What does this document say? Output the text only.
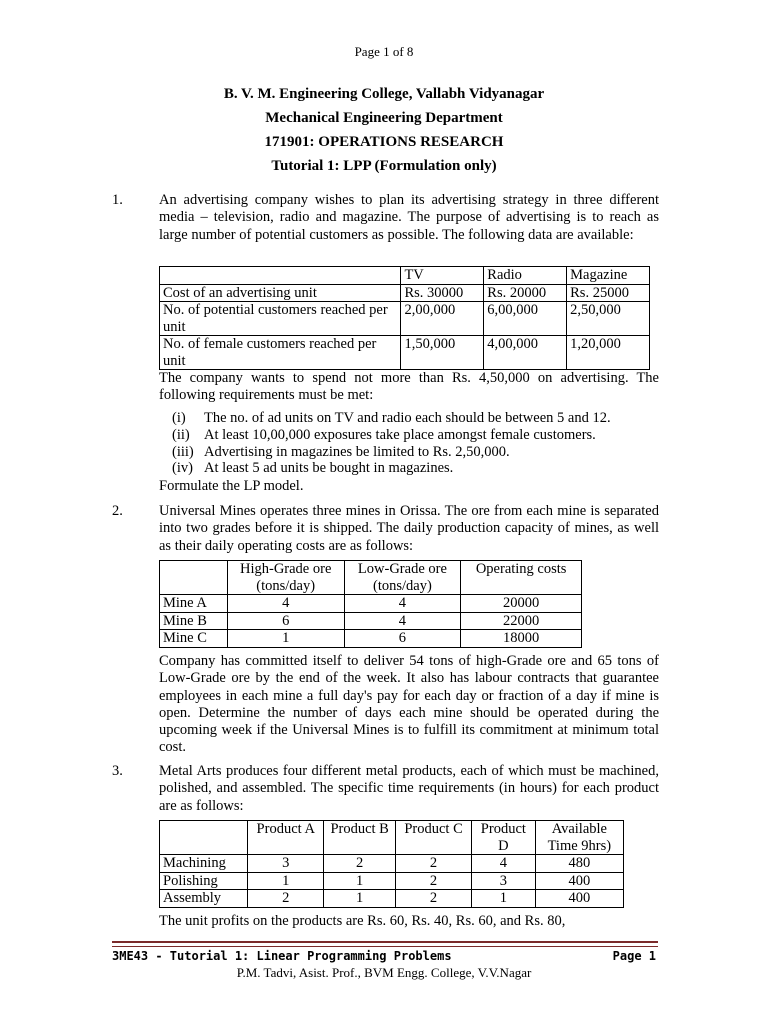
Page 1 of 8
B. V. M. Engineering College, Vallabh Vidyanagar
Mechanical Engineering Department
171901: OPERATIONS RESEARCH
Tutorial 1: LPP (Formulation only)
1. An advertising company wishes to plan its advertising strategy in three different media – television, radio and magazine. The purpose of advertising is to reach as large number of potential customers as possible. The following data are available:
	TV	Radio	Magazine
Cost of an advertising unit	Rs. 30000	Rs. 20000	Rs. 25000
No. of potential customers reached per unit	2,00,000	6,00,000	2,50,000
No. of female customers reached per unit	1,50,000	4,00,000	1,20,000
The company wants to spend not more than Rs. 4,50,000 on advertising. The following requirements must be met:
(i)	The no. of ad units on TV and radio each should be between 5 and 12.
(ii) At least 10,00,000 exposures take place amongst female customers.
(iii) Advertising in magazines be limited to Rs. 2,50,000.
(iv) At least 5 ad units be bought in magazines.
Formulate the LP model.
2. Universal Mines operates three mines in Orissa. The ore from each mine is separated into two grades before it is shipped. The daily production capacity of mines, as well as their daily operating costs are as follows:
	High-Grade ore (tons/day)	Low-Grade ore (tons/day)	Operating costs
Mine A	4	4	20000
Mine B	6	4	22000
Mine C	1	6	18000
Company has committed itself to deliver 54 tons of high-Grade ore and 65 tons of Low-Grade ore by the end of the week. It also has labour contracts that guarantee employees in each mine a full day's pay for each day or fraction of a day if mine is open. Determine the number of days each mine should be operated during the upcoming week if the Universal Mines is to fulfill its commitment at minimum total cost.
3. Metal Arts produces four different metal products, each of which must be machined, polished, and assembled. The specific time requirements (in hours) for each product are as follows:
	Product A	Product B	Product C	Product D	Available Time 9hrs)
Machining	3	2	2	4	480
Polishing	1	1	2	3	400
Assembly	2	1	2	1	400
The unit profits on the products are Rs. 60, Rs. 40, Rs. 60, and Rs. 80,
3ME43 - Tutorial 1: Linear Programming Problems	Page 1
P.M. Tadvi, Asist. Prof., BVM Engg. College, V.V.Nagar
